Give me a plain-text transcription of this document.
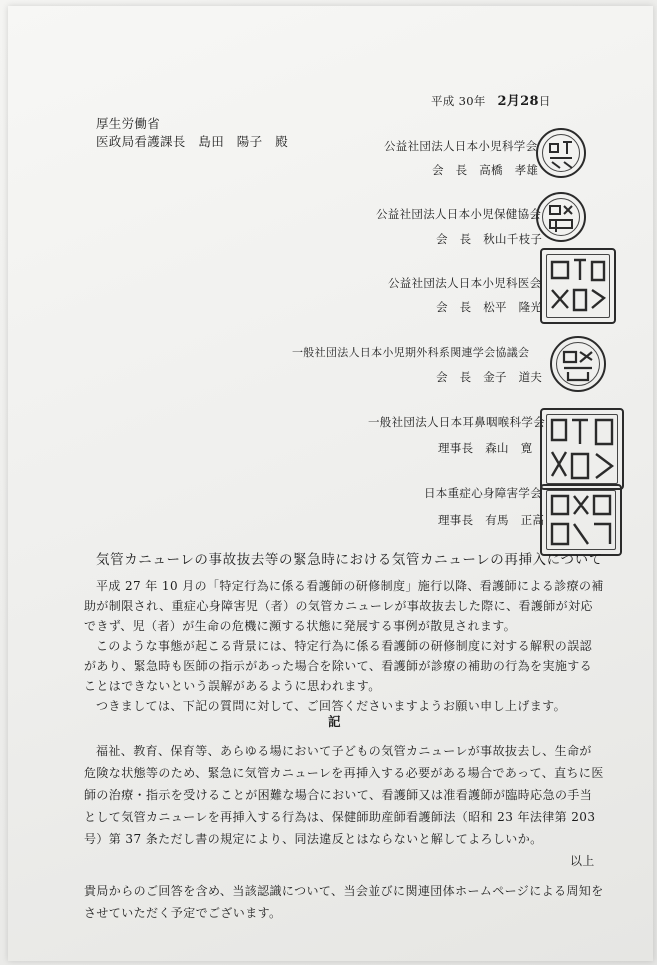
平成 30年 2月28日
厚生労働省
医政局看護課長　島田　陽子　殿	公益社団法人日本小児科学会
会　長　 高橋　孝雄
公益社団法人日本小児保健協会
会　長　 秋山千枝子
公益社団法人日本小児科医会
会　長　 松平　隆光
一般社団法人日本小児期外科系関連学会協議会
会　長　 金子　道夫
一般社団法人日本耳鼻咽喉科学会
理事長　 森山　寛
日本重症心身障害学会
理事長　 有馬　正高
気管カニューレの事故抜去等の緊急時における気管カニューレの再挿入について
平成 27 年 10 月の「特定行為に係る看護師の研修制度」施行以降、看護師による診療の補助が制限され、重症心身障害児（者）の気管カニューレが事故抜去した際に、看護師が対応できず、児（者）が生命の危機に瀕する状態に発展する事例が散見されます。
このような事態が起こる背景には、特定行為に係る看護師の研修制度に対する解釈の誤認があり、緊急時も医師の指示があった場合を除いて、看護師が診療の補助の行為を実施することはできないという誤解があるように思われます。
つきましては、下記の質問に対して、ご回答くださいますようお願い申し上げます。
記
福祉、教育、保育等、あらゆる場において子どもの気管カニューレが事故抜去し、生命が危険な状態等のため、緊急に気管カニューレを再挿入する必要がある場合であって、直ちに医師の治療・指示を受けることが困難な場合において、看護師又は准看護師が臨時応急の手当として気管カニューレを再挿入する行為は、保健師助産師看護師法（昭和 23 年法律第 203 号）第 37 条ただし書の規定により、同法違反とはならないと解してよろしいか。
以上
貴局からのご回答を含め、当該認識について、当会並びに関連団体ホームページによる周知をさせていただく予定でございます。
